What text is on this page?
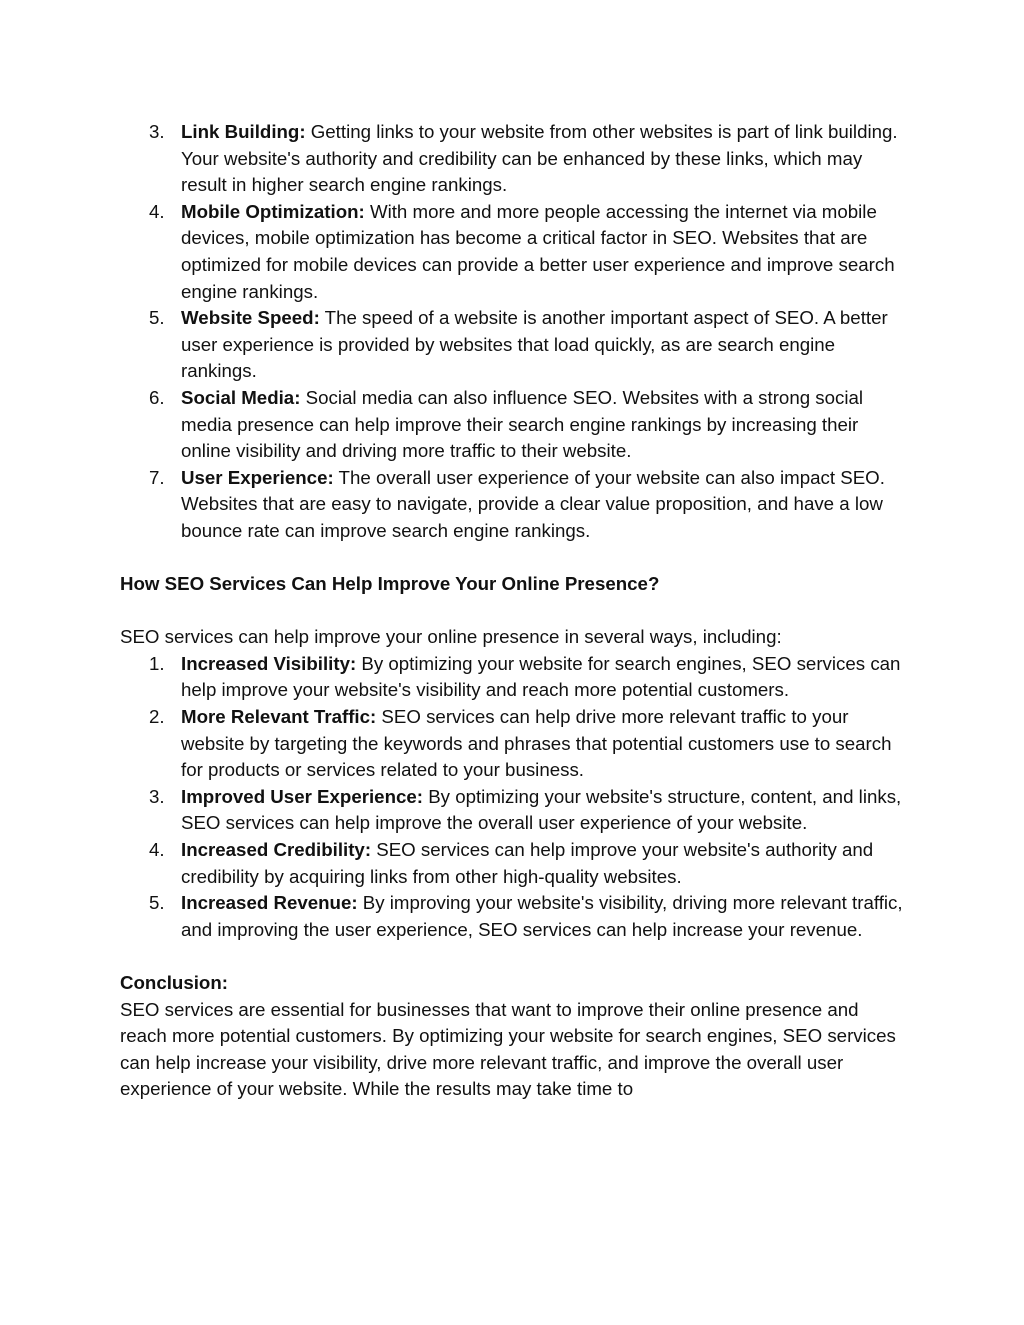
3. Link Building: Getting links to your website from other websites is part of link building. Your website's authority and credibility can be enhanced by these links, which may result in higher search engine rankings.
4. Mobile Optimization: With more and more people accessing the internet via mobile devices, mobile optimization has become a critical factor in SEO. Websites that are optimized for mobile devices can provide a better user experience and improve search engine rankings.
5. Website Speed: The speed of a website is another important aspect of SEO. A better user experience is provided by websites that load quickly, as are search engine rankings.
6. Social Media: Social media can also influence SEO. Websites with a strong social media presence can help improve their search engine rankings by increasing their online visibility and driving more traffic to their website.
7. User Experience: The overall user experience of your website can also impact SEO. Websites that are easy to navigate, provide a clear value proposition, and have a low bounce rate can improve search engine rankings.

How SEO Services Can Help Improve Your Online Presence?

SEO services can help improve your online presence in several ways, including:

1. Increased Visibility: By optimizing your website for search engines, SEO services can help improve your website's visibility and reach more potential customers.
2. More Relevant Traffic: SEO services can help drive more relevant traffic to your website by targeting the keywords and phrases that potential customers use to search for products or services related to your business.
3. Improved User Experience: By optimizing your website's structure, content, and links, SEO services can help improve the overall user experience of your website.
4. Increased Credibility: SEO services can help improve your website's authority and credibility by acquiring links from other high-quality websites.
5. Increased Revenue: By improving your website's visibility, driving more relevant traffic, and improving the user experience, SEO services can help increase your revenue.

Conclusion:

SEO services are essential for businesses that want to improve their online presence and reach more potential customers. By optimizing your website for search engines, SEO services can help increase your visibility, drive more relevant traffic, and improve the overall user experience of your website. While the results may take time to
